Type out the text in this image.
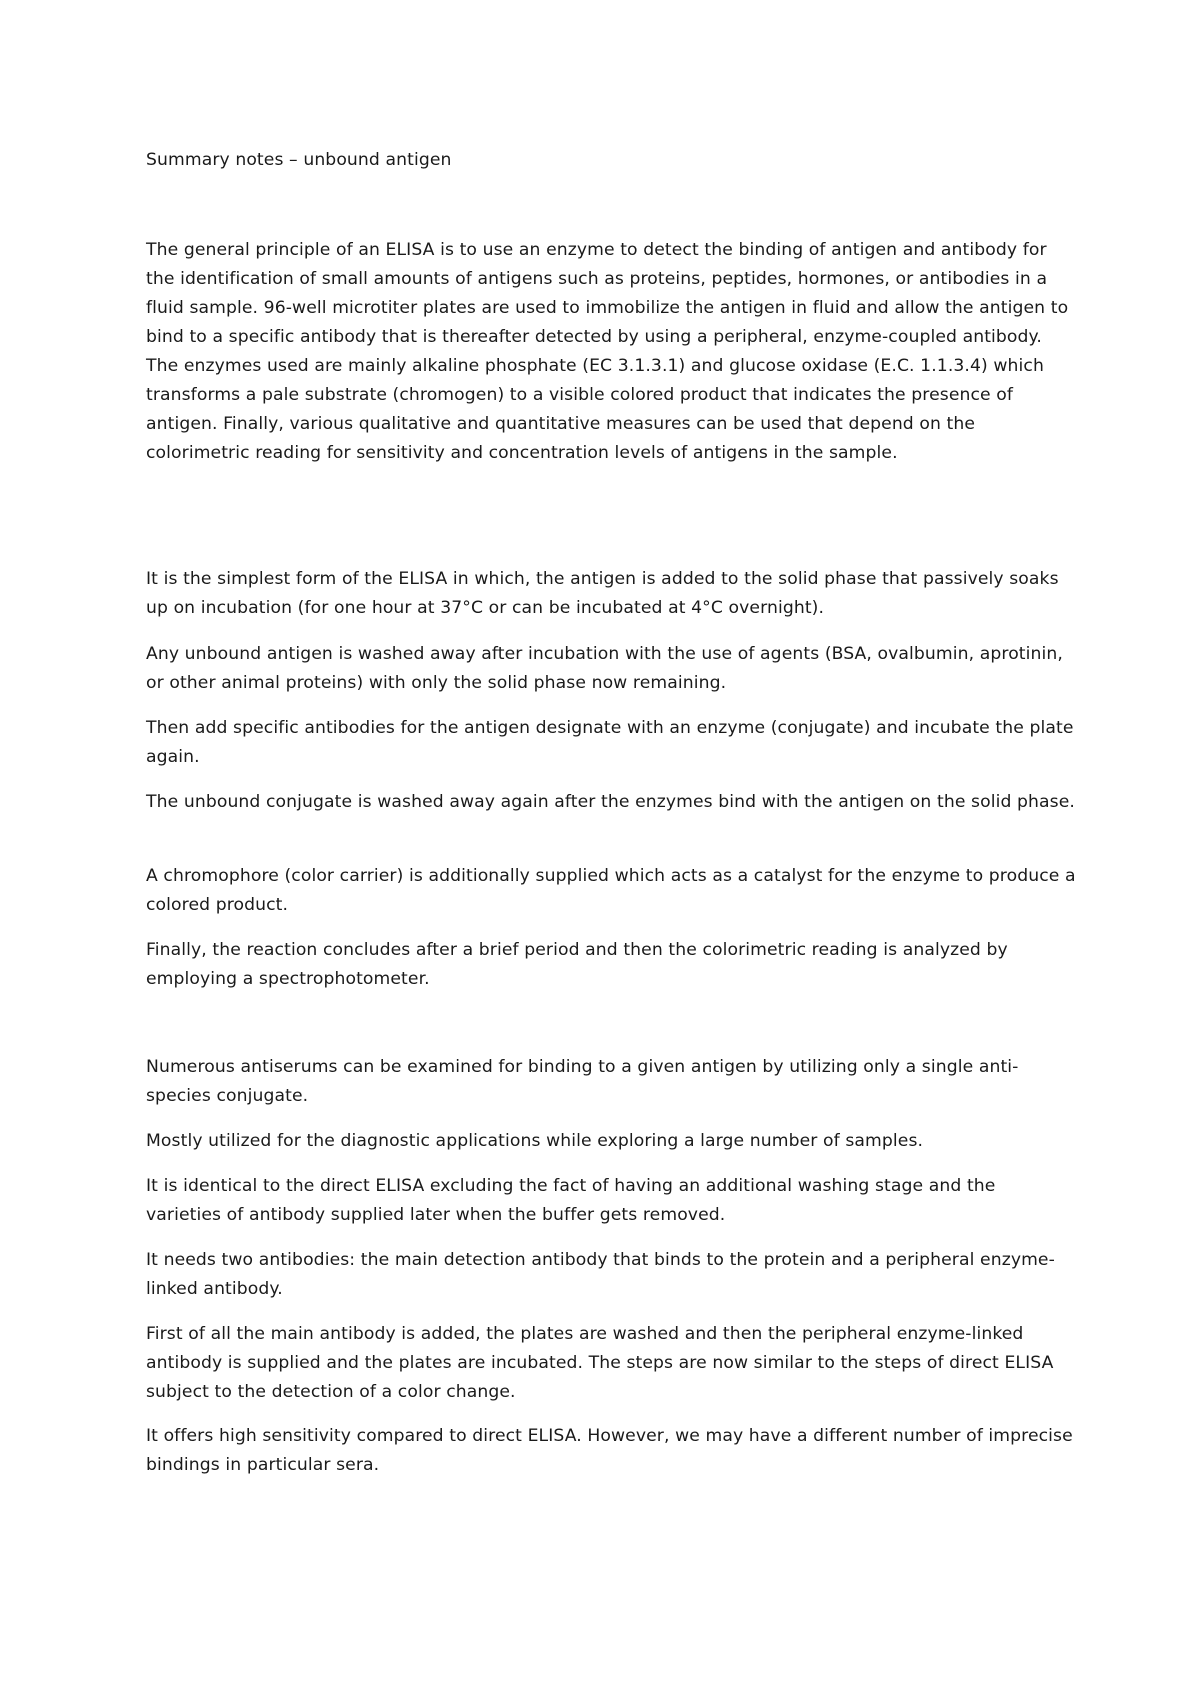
Summary notes – unbound antigen

The general principle of an ELISA is to use an enzyme to detect the binding of antigen and antibody for the identification of small amounts of antigens such as proteins, peptides, hormones, or antibodies in a fluid sample. 96-well microtiter plates are used to immobilize the antigen in fluid and allow the antigen to bind to a specific antibody that is thereafter detected by using a peripheral, enzyme-coupled antibody. The enzymes used are mainly alkaline phosphate (EC 3.1.3.1) and glucose oxidase (E.C. 1.1.3.4) which transforms a pale substrate (chromogen) to a visible colored product that indicates the presence of antigen. Finally, various qualitative and quantitative measures can be used that depend on the colorimetric reading for sensitivity and concentration levels of antigens in the sample.

It is the simplest form of the ELISA in which, the antigen is added to the solid phase that passively soaks up on incubation (for one hour at 37°C or can be incubated at 4°C overnight).

Any unbound antigen is washed away after incubation with the use of agents (BSA, ovalbumin, aprotinin, or other animal proteins) with only the solid phase now remaining.

Then add specific antibodies for the antigen designate with an enzyme (conjugate) and incubate the plate again.

The unbound conjugate is washed away again after the enzymes bind with the antigen on the solid phase.

A chromophore (color carrier) is additionally supplied which acts as a catalyst for the enzyme to produce a colored product.

Finally, the reaction concludes after a brief period and then the colorimetric reading is analyzed by employing a spectrophotometer.

Numerous antiserums can be examined for binding to a given antigen by utilizing only a single anti-species conjugate.

Mostly utilized for the diagnostic applications while exploring a large number of samples.

It is identical to the direct ELISA excluding the fact of having an additional washing stage and the varieties of antibody supplied later when the buffer gets removed.

It needs two antibodies: the main detection antibody that binds to the protein and a peripheral enzyme-linked antibody.

First of all the main antibody is added, the plates are washed and then the peripheral enzyme-linked antibody is supplied and the plates are incubated. The steps are now similar to the steps of direct ELISA subject to the detection of a color change.

It offers high sensitivity compared to direct ELISA. However, we may have a different number of imprecise bindings in particular sera.
